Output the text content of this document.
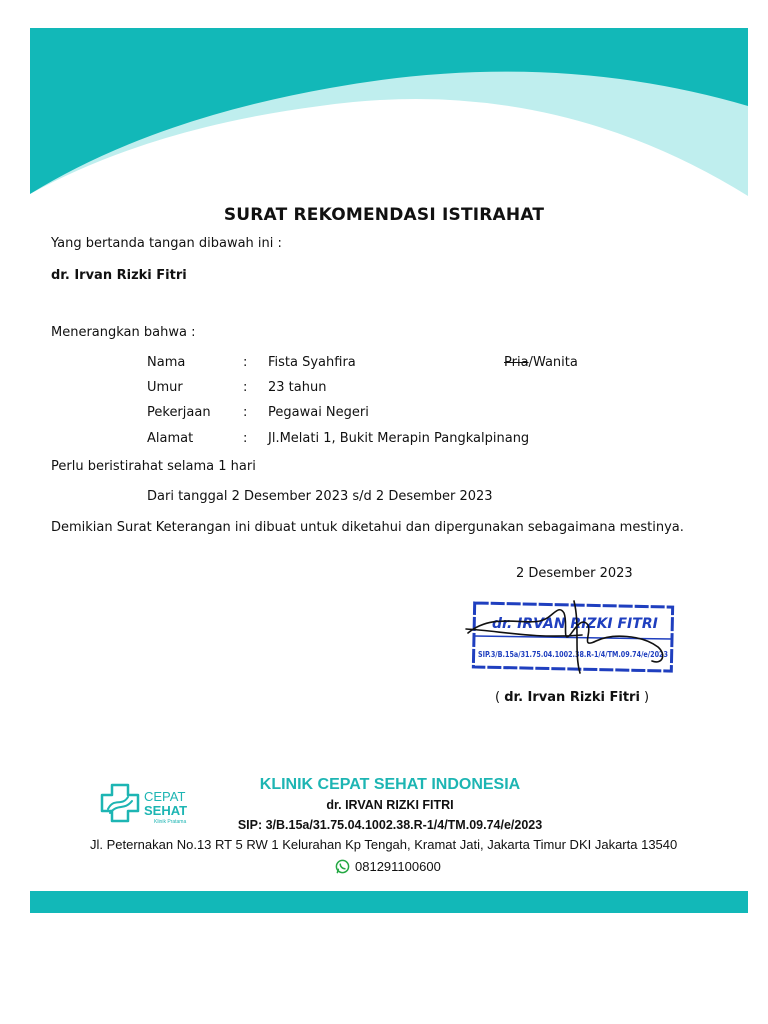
SURAT REKOMENDASI ISTIRAHAT
Yang bertanda tangan dibawah ini :
dr. Irvan Rizki Fitri
Menerangkan bahwa :
Nama	: Fista Syahfira	Pria/Wanita
Umur	: 23 tahun
Pekerjaan : Pegawai Negeri
Alamat	: Jl.Melati 1, Bukit Merapin Pangkalpinang
Perlu beristirahat selama 1 hari
Dari tanggal 2 Desember 2023 s/d 2 Desember 2023
Demikian Surat Keterangan ini dibuat untuk diketahui dan dipergunakan sebagaimana mestinya.
2 Desember 2023
dr. IRVAN RIZKI FITRI
SIP.3/B.15a/31.75.04.1002.38.R-1/4/TM.09.74/e/2023
( dr. Irvan Rizki Fitri )
CEPAT
SEHAT
Klinik Pratama
KLINIK CEPAT SEHAT INDONESIA
dr. IRVAN RIZKI FITRI
SIP: 3/B.15a/31.75.04.1002.38.R-1/4/TM.09.74/e/2023
Jl. Peternakan No.13 RT 5 RW 1 Kelurahan Kp Tengah, Kramat Jati, Jakarta Timur DKI Jakarta 13540
081291100600
